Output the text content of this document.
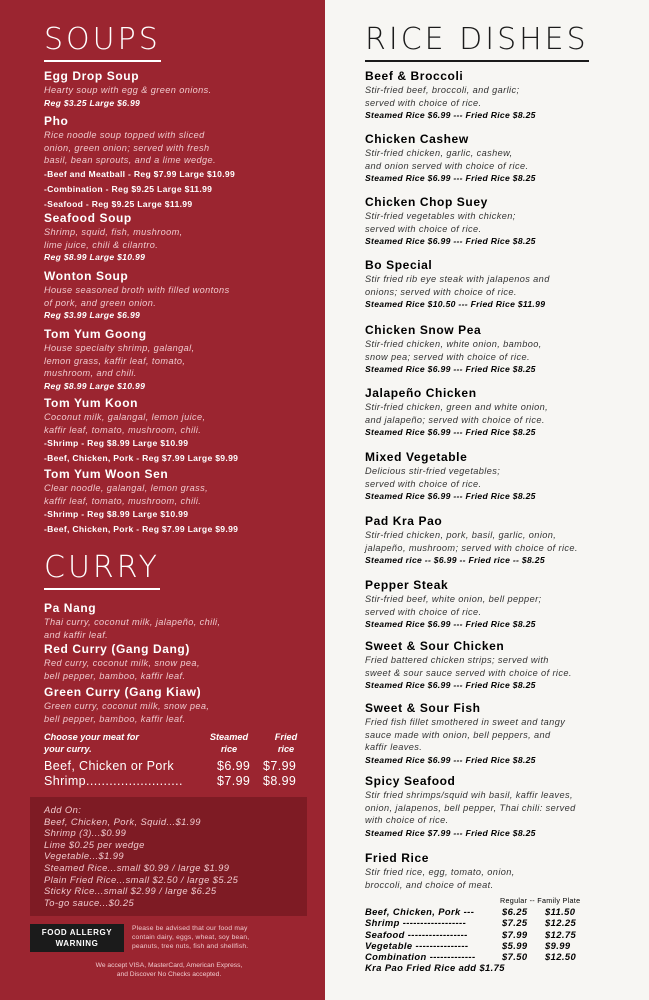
SOUPS
Egg Drop Soup
Hearty soup with egg & green onions.
Reg $3.25 Large $6.99
Pho
Rice noodle soup topped with sliced
onion, green onion; served with fresh
basil, bean sprouts, and a lime wedge.
-Beef and Meatball - Reg $7.99 Large $10.99
-Combination - Reg $9.25 Large $11.99
-Seafood - Reg $9.25 Large $11.99
Seafood Soup
Shrimp, squid, fish, mushroom,
lime juice, chili & cilantro.
Reg $8.99 Large $10.99
Wonton Soup
House seasoned broth with filled wontons
of pork, and green onion.
Reg $3.99 Large $6.99
Tom Yum Goong
House specialty shrimp, galangal,
lemon grass, kaffir leaf, tomato,
mushroom, and chili.
Reg $8.99 Large $10.99
Tom Yum Koon
Coconut milk, galangal, lemon juice,
kaffir leaf, tomato, mushroom, chili.
-Shrimp - Reg $8.99 Large $10.99
-Beef, Chicken, Pork - Reg $7.99 Large $9.99
Tom Yum Woon Sen
Clear noodle, galangal, lemon grass,
kaffir leaf, tomato, mushroom, chili.
-Shrimp - Reg $8.99 Large $10.99
-Beef, Chicken, Pork - Reg $7.99 Large $9.99
CURRY
Pa Nang
Thai curry, coconut milk, jalapeño, chili,
and kaffir leaf.
Red Curry (Gang Dang)
Red curry, coconut milk, snow pea,
bell pepper, bamboo, kaffir leaf.
Green Curry (Gang Kiaw)
Green curry, coconut milk, snow pea,
bell pepper, bamboo, kaffir leaf.
Choose your meat for
your curry.
Steamed
rice
Fried
rice
Beef, Chicken or Pork	$6.99 $7.99
Shrimp.........................	$7.99 $8.99
Add On:
Beef, Chicken, Pork, Squid...$1.99
Shrimp (3)...$0.99
Lime $0.25 per wedge
Vegetable...$1.99
Steamed Rice...small $0.99 / large $1.99
Plain Fried Rice...small $2.50 / large $5.25
Sticky Rice...small $2.99 / large $6.25
To-go sauce...$0.25
FOOD ALLERGY
WARNING
Please be advised that our food may
contain dairy, eggs, wheat, soy bean,
peanuts, tree nuts, fish and shellfish.
We accept VISA, MasterCard, American Express,
and Discover No Checks accepted.
RICE DISHES
Beef & Broccoli
Stir-fried beef, broccoli, and garlic;
served with choice of rice.
Steamed Rice $6.99 --- Fried Rice $8.25
Chicken Cashew
Stir-fried chicken, garlic, cashew,
and onion served with choice of rice.
Steamed Rice $6.99 --- Fried Rice $8.25
Chicken Chop Suey
Stir-fried vegetables with chicken;
served with choice of rice.
Steamed Rice $6.99 --- Fried Rice $8.25
Bo Special
Stir fried rib eye steak with jalapenos and
onions; served with choice of rice.
Steamed Rice $10.50 --- Fried Rice $11.99
Chicken Snow Pea
Stir-fried chicken, white onion, bamboo,
snow pea; served with choice of rice.
Steamed Rice $6.99 --- Fried Rice $8.25
Jalapeño Chicken
Stir-fried chicken, green and white onion,
and jalapeño; served with choice of rice.
Steamed Rice $6.99 --- Fried Rice $8.25
Mixed Vegetable
Delicious stir-fried vegetables;
served with choice of rice.
Steamed Rice $6.99 --- Fried Rice $8.25
Pad Kra Pao
Stir-fried chicken, pork, basil, garlic, onion,
jalapeño, mushroom; served with choice of rice.
Steamed rice -- $6.99 -- Fried rice -- $8.25
Pepper Steak
Stir-fried beef, white onion, bell pepper;
served with choice of rice.
Steamed Rice $6.99 --- Fried Rice $8.25
Sweet & Sour Chicken
Fried battered chicken strips; served with
sweet & sour sauce served with choice of rice.
Steamed Rice $6.99 --- Fried Rice $8.25
Sweet & Sour Fish
Fried fish fillet smothered in sweet and tangy
sauce made with onion, bell peppers, and
kaffir leaves.
Steamed Rice $6.99 --- Fried Rice $8.25
Spicy Seafood
Stir fried shrimps/squid wih basil, kaffir leaves,
onion, jalapenos, bell pepper, Thai chili: served
with choice of rice.
Steamed Rice $7.99 --- Fried Rice $8.25
Fried Rice
Stir fried rice, egg, tomato, onion,
broccoli, and choice of meat.
Regular -- Family Plate
Beef, Chicken, Pork ---	$6.25 $11.50
Shrimp ------------------	$7.25 $12.25
Seafood -----------------	$7.99 $12.75
Vegetable ---------------	$5.99 $9.99
Combination -------------	$7.50 $12.50
Kra Pao Fried Rice add $1.75
